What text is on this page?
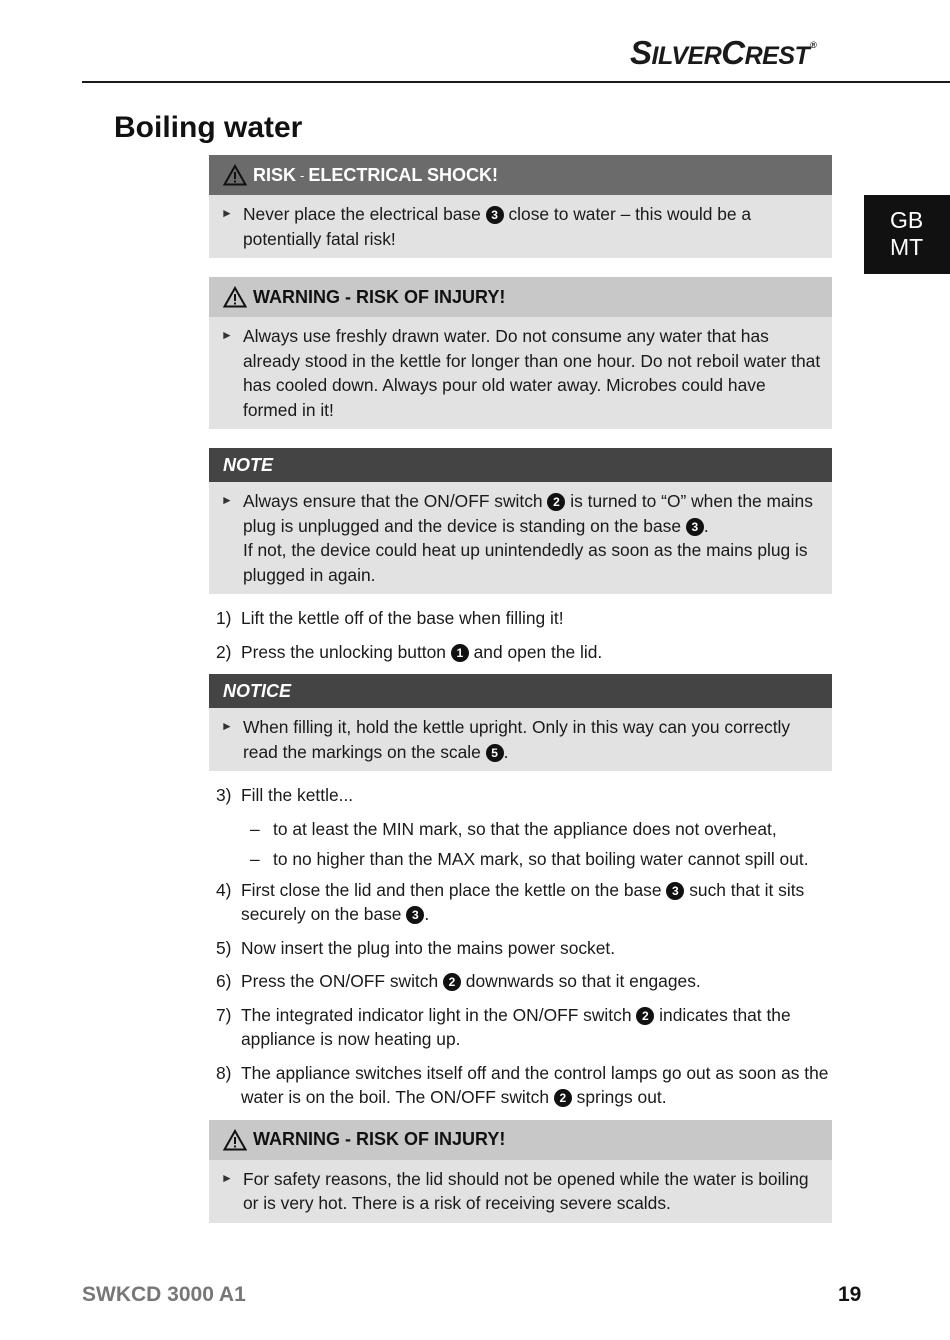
SILVERCREST®
GB
MT
Boiling water
RISK - ELECTRICAL SHOCK!
► Never place the electrical base 3 close to water – this would be a potentially fatal risk!
WARNING - RISK OF INJURY!
► Always use freshly drawn water. Do not consume any water that has already stood in the kettle for longer than one hour. Do not reboil water that has cooled down. Always pour old water away. Microbes could have formed in it!
NOTE
► Always ensure that the ON/OFF switch 2 is turned to “O” when the mains plug is unplugged and the device is standing on the base 3 .
If not, the device could heat up unintendedly as soon as the mains plug is plugged in again.
1) Lift the kettle off of the base when filling it!
2) Press the unlocking button 1 and open the lid.
NOTICE
► When filling it, hold the kettle upright. Only in this way can you correctly read the markings on the scale 5 .
3) Fill the kettle...
– to at least the MIN mark, so that the appliance does not overheat,
– to no higher than the MAX mark, so that boiling water cannot spill out.
4) First close the lid and then place the kettle on the base 3 such that it sits securely on the base 3 .
5) Now insert the plug into the mains power socket.
6) Press the ON/OFF switch 2 downwards so that it engages.
7) The integrated indicator light in the ON/OFF switch 2 indicates that the appliance is now heating up.
8) The appliance switches itself off and the control lamps go out as soon as the water is on the boil. The ON/OFF switch 2 springs out.
WARNING - RISK OF INJURY!
► For safety reasons, the lid should not be opened while the water is boiling or is very hot. There is a risk of receiving severe scalds.
SWKCD 3000 A1	19
